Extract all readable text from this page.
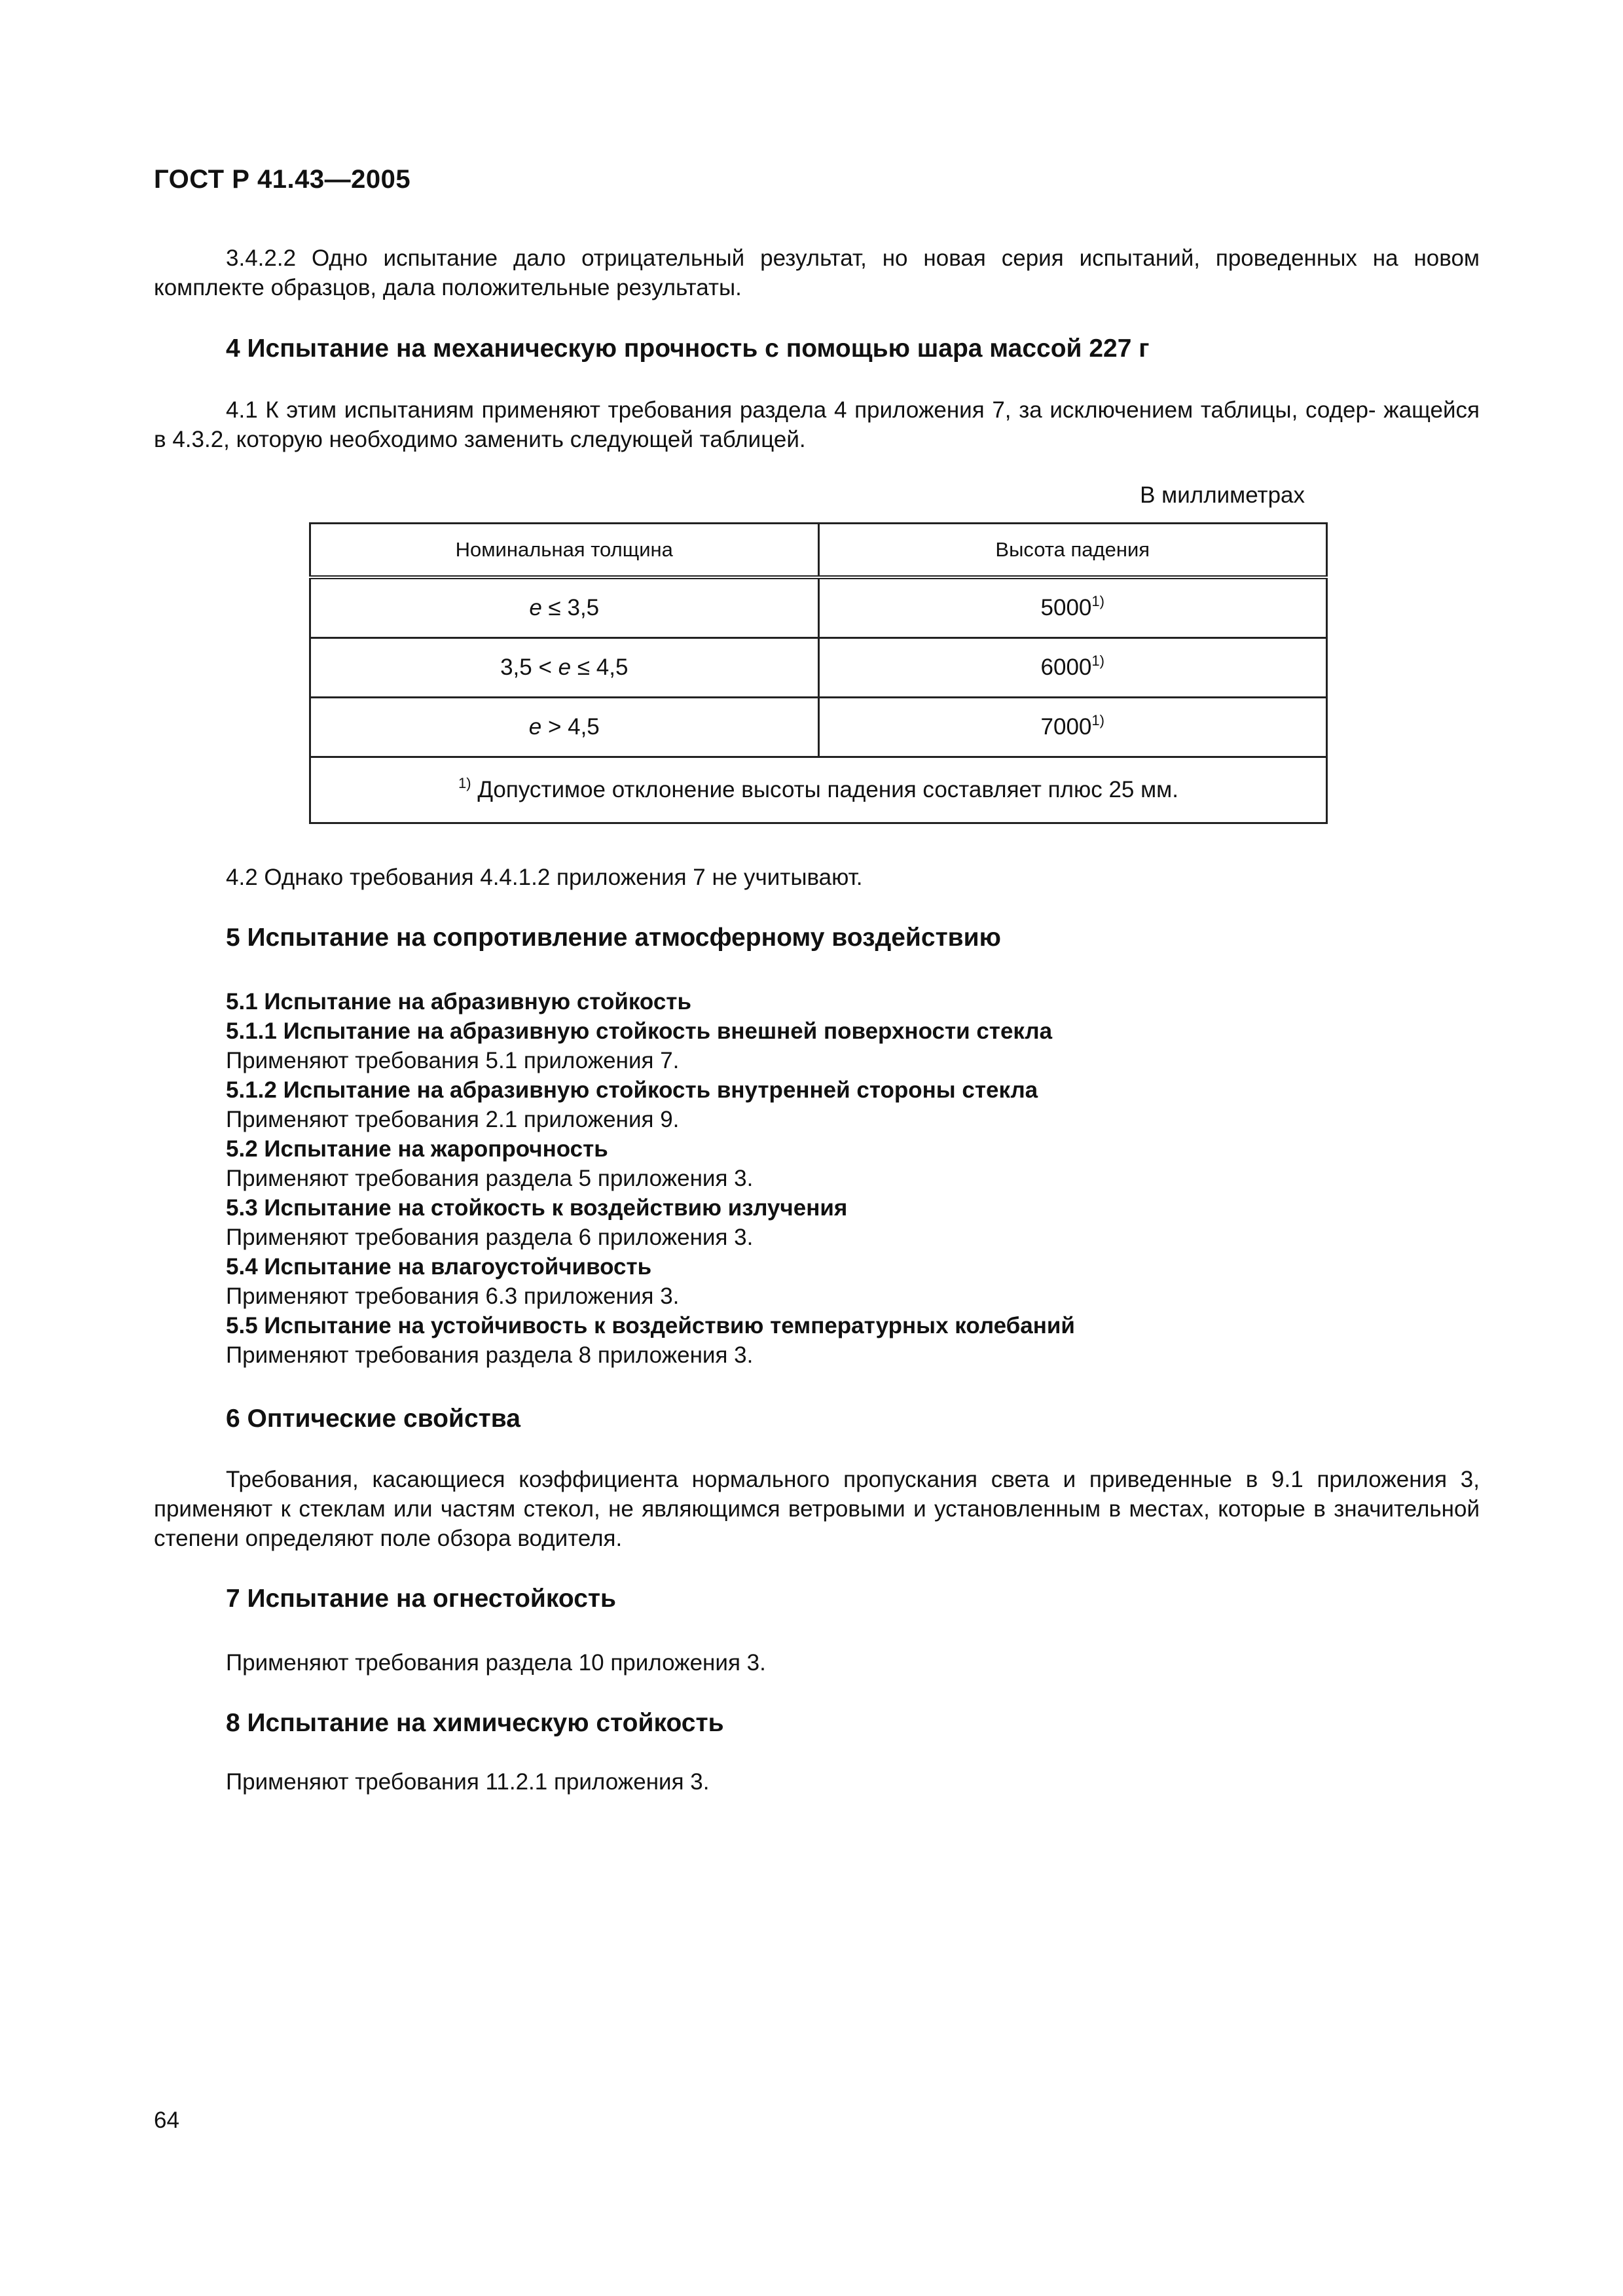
ГОСТ Р 41.43—2005

3.4.2.2 Одно испытание дало отрицательный результат, но новая серия испытаний, проведенных на новом комплекте образцов, дала положительные результаты.

4 Испытание на механическую прочность с помощью шара массой 227 г

4.1 К этим испытаниям применяют требования раздела 4 приложения 7, за исключением таблицы, содер- жащейся в 4.3.2, которую необходимо заменить следующей таблицей.

В миллиметрах
Номинальная толщина	Высота падения
e ≤ 3,5	5000$^{1)}$
3,5 < e ≤ 4,5	6000$^{1)}$
e > 4,5	7000$^{1)}$
$^{1)}$ Допустимое отклонение высоты падения составляет плюс 25 мм.	

4.2 Однако требования 4.4.1.2 приложения 7 не учитывают.

5 Испытание на сопротивление атмосферному воздействию

5.1 Испытание на абразивную стойкость
5.1.1 Испытание на абразивную стойкость внешней поверхности стекла
Применяют требования 5.1 приложения 7.
5.1.2 Испытание на абразивную стойкость внутренней стороны стекла
Применяют требования 2.1 приложения 9.
5.2 Испытание на жаропрочность
Применяют требования раздела 5 приложения 3.
5.3 Испытание на стойкость к воздействию излучения
Применяют требования раздела 6 приложения 3.
5.4 Испытание на влагоустойчивость
Применяют требования 6.3 приложения 3.
5.5 Испытание на устойчивость к воздействию температурных колебаний
Применяют требования раздела 8 приложения 3.

6 Оптические свойства

Требования, касающиеся коэффициента нормального пропускания света и приведенные в 9.1 приложения 3, применяют к стеклам или частям стекол, не являющимся ветровыми и установленным в местах, которые в значительной степени определяют поле обзора водителя.

7 Испытание на огнестойкость

Применяют требования раздела 10 приложения 3.

8 Испытание на химическую стойкость

Применяют требования 11.2.1 приложения 3.

64
